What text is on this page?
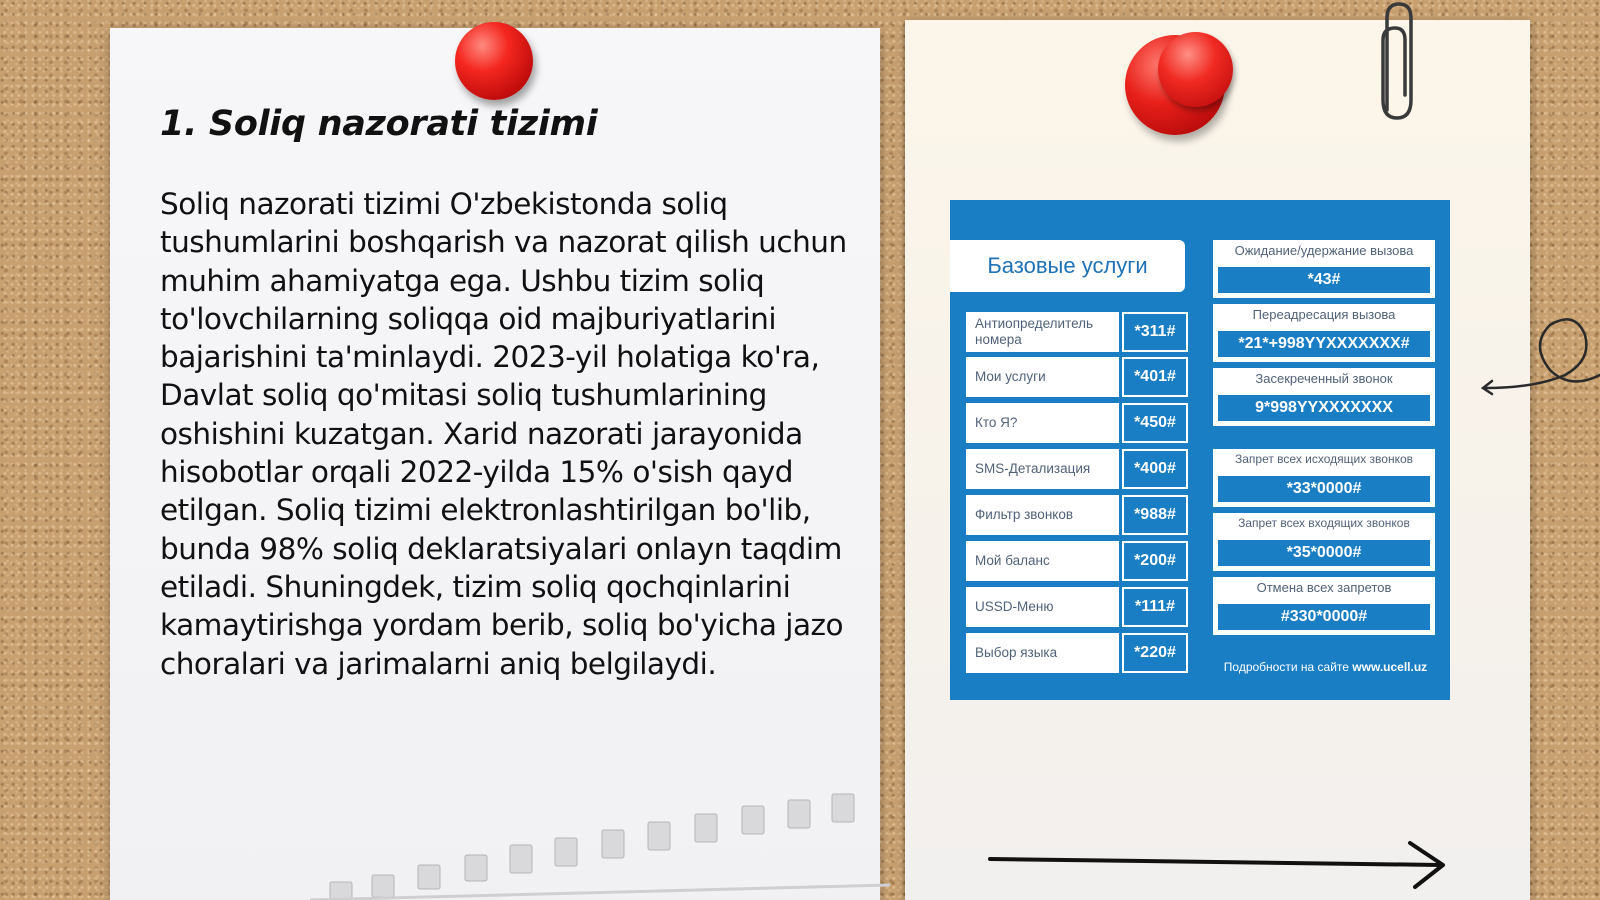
1. Soliq nazorati tizimi

Soliq nazorati tizimi O'zbekistonda soliq tushumlarini boshqarish va nazorat qilish uchun muhim ahamiyatga ega. Ushbu tizim soliq to'lovchilarning soliqqa oid majburiyatlarini bajarishini ta'minlaydi. 2023-yil holatiga ko'ra, Davlat soliq qo'mitasi soliq tushumlarining oshishini kuzatgan. Xarid nazorati jarayonida hisobotlar orqali 2022-yilda 15% o'sish qayd etilgan. Soliq tizimi elektronlashtirilgan bo'lib, bunda 98% soliq deklaratsiyalari onlayn taqdim etiladi. Shuningdek, tizim soliq qochqinlarini kamaytirishga yordam berib, soliq bo'yicha jazo choralari va jarimalarni aniq belgilaydi.

Базовые услуги
Антиопределитель номера	*311#
Мои услуги	*401#
Кто Я?	*450#
SMS-Детализация	*400#
Фильтр звонков	*988#
Мой баланс	*200#
USSD-Меню	*111#
Выбор языка	*220#
Ожидание/удержание вызова
*43#
Переадресация вызова
*21*+998YYXXXXXXX#
Засекреченный звонок
9*998YYXXXXXXX
Запрет всех исходящих звонков
*33*0000#
Запрет всех входящих звонков
*35*0000#
Отмена всех запретов
#330*0000#
Подробности на сайте www.ucell.uz
